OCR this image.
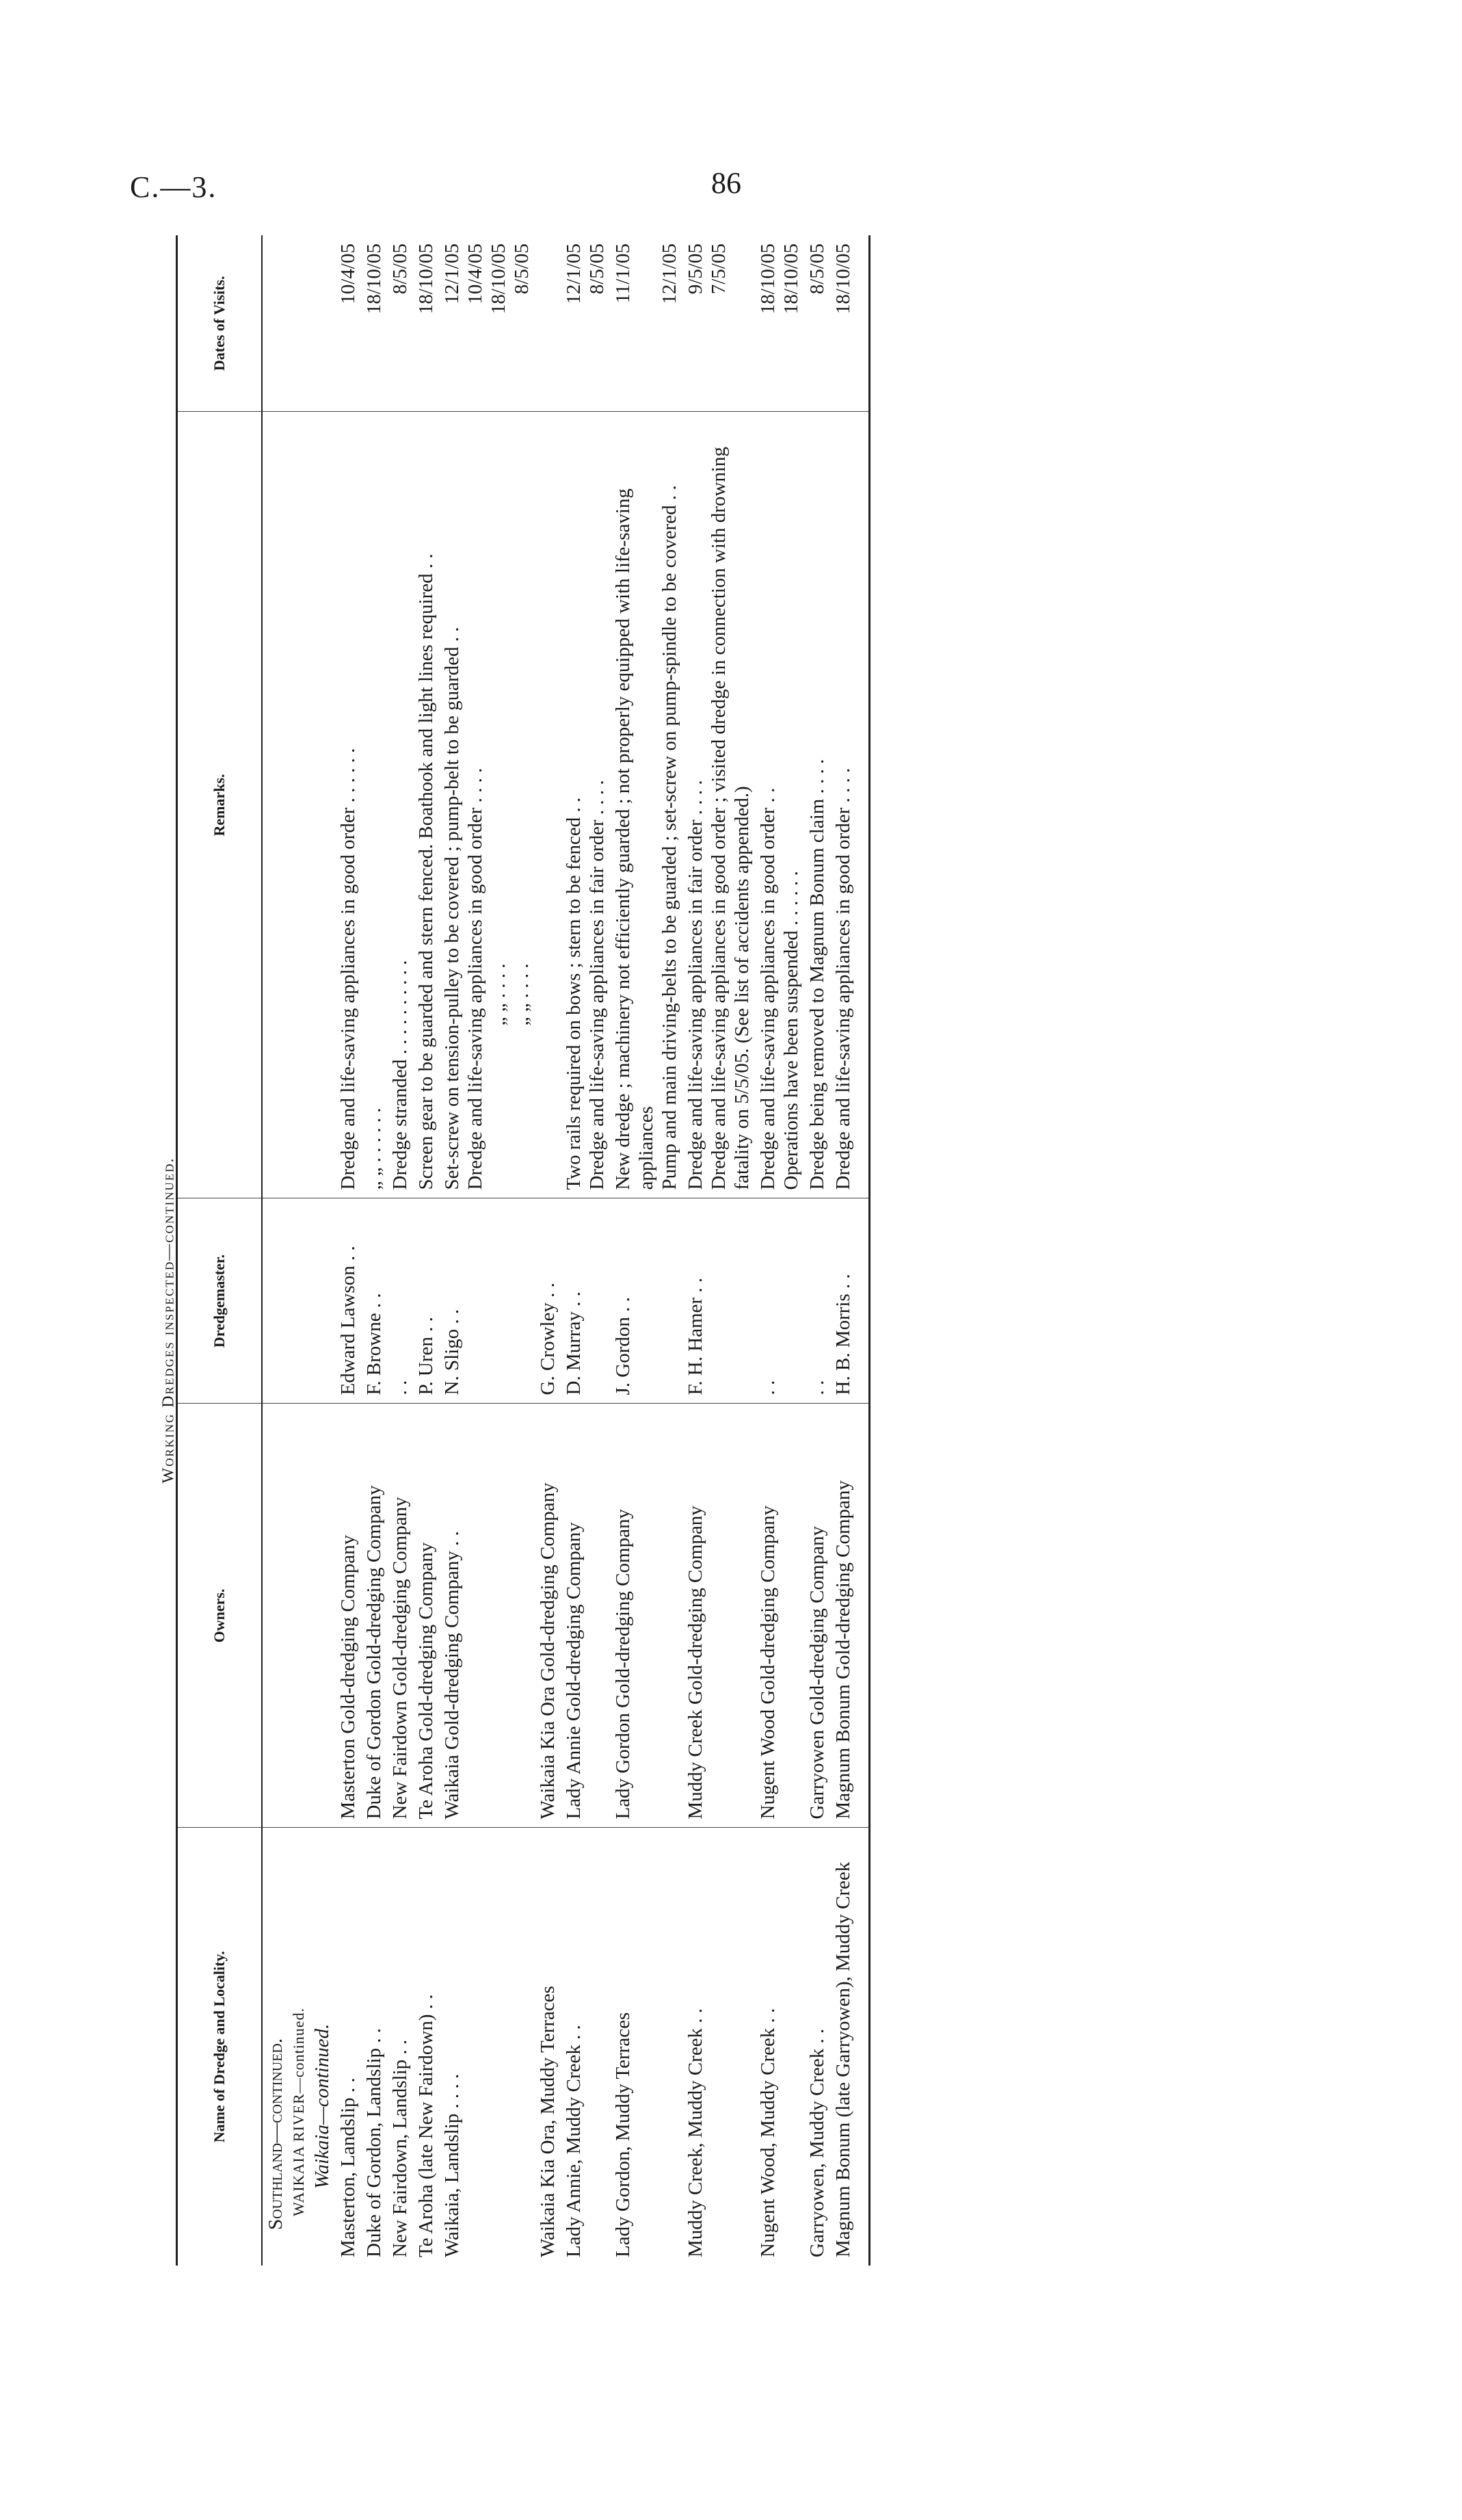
C.—3.	86
Working Dredges inspected—continued.
Name of Dredge and Locality.	Owners.	Dredgemaster.	Remarks.	Dates of Visits.

Southland—continued. WAIKAIA RIVER—continued. Waikaia—continued.				

Masterton, Landslip . .	Masterton Gold-dredging Company	Edward Lawson . .	Dredge and life-saving appliances in good order . . . . . .	10/4/05

Duke of Gordon, Landslip . .	Duke of Gordon Gold-dredging Company	F. Browne . .	„ „ . . . . . .	18/10/05

New Fairdown, Landslip . .	New Fairdown Gold-dredging Company	. .	Dredge stranded . . . . . . . . . .	8/5/05

Te Aroha (late New Fairdown) . .	Te Aroha Gold-dredging Company	P. Uren . .	Screen gear to be guarded and stern fenced. Boathook and light lines required . .	18/10/05

Waikaia, Landslip . . . .	Waikaia Gold-dredging Company . .	N. Sligo . .	Set-screw on tension-pulley to be covered ; pump-belt to be guarded . . Dredge and life-saving appliances in good order . . . . „ „ . . . . „ „ . . . .	12/1/05 10/4/05 18/10/05 8/5/05

Waikaia Kia Ora, Muddy Terraces	Waikaia Kia Ora Gold-dredging Company	G. Crowley . .		
Lady Annie, Muddy Creek . .	Lady Annie Gold-dredging Company	D. Murray . .	Two rails required on bows ; stern to be fenced . . Dredge and life-saving appliances in fair order . . . .	12/1/05 8/5/05

Lady Gordon, Muddy Terraces	Lady Gordon Gold-dredging Company	J. Gordon . .	New dredge ; machinery not efficiently guarded ; not properly equipped with life-saving appliances Pump and main driving-belts to be guarded ; set-screw on pump-spindle to be covered . .	11/1/05 12/1/05

Muddy Creek, Muddy Creek . .	Muddy Creek Gold-dredging Company	F. H. Hamer . .	Dredge and life-saving appliances in fair order . . . . Dredge and life-saving appliances in good order ; visited dredge in connection with drowning fatality on 5/5/05. (See list of accidents appended.)	9/5/05 7/5/05

Nugent Wood, Muddy Creek . .	Nugent Wood Gold-dredging Company	. .	Dredge and life-saving appliances in good order . . Operations have been suspended . . . . . .	18/10/05 18/10/05

Garryowen, Muddy Creek . .	Garryowen Gold-dredging Company	. .	Dredge being removed to Magnum Bonum claim . . . .	8/5/05

Magnum Bonum (late Garryowen), Muddy Creek	Magnum Bonum Gold-dredging Company	H. B. Morris . .	Dredge and life-saving appliances in good order . . . .	18/10/05
